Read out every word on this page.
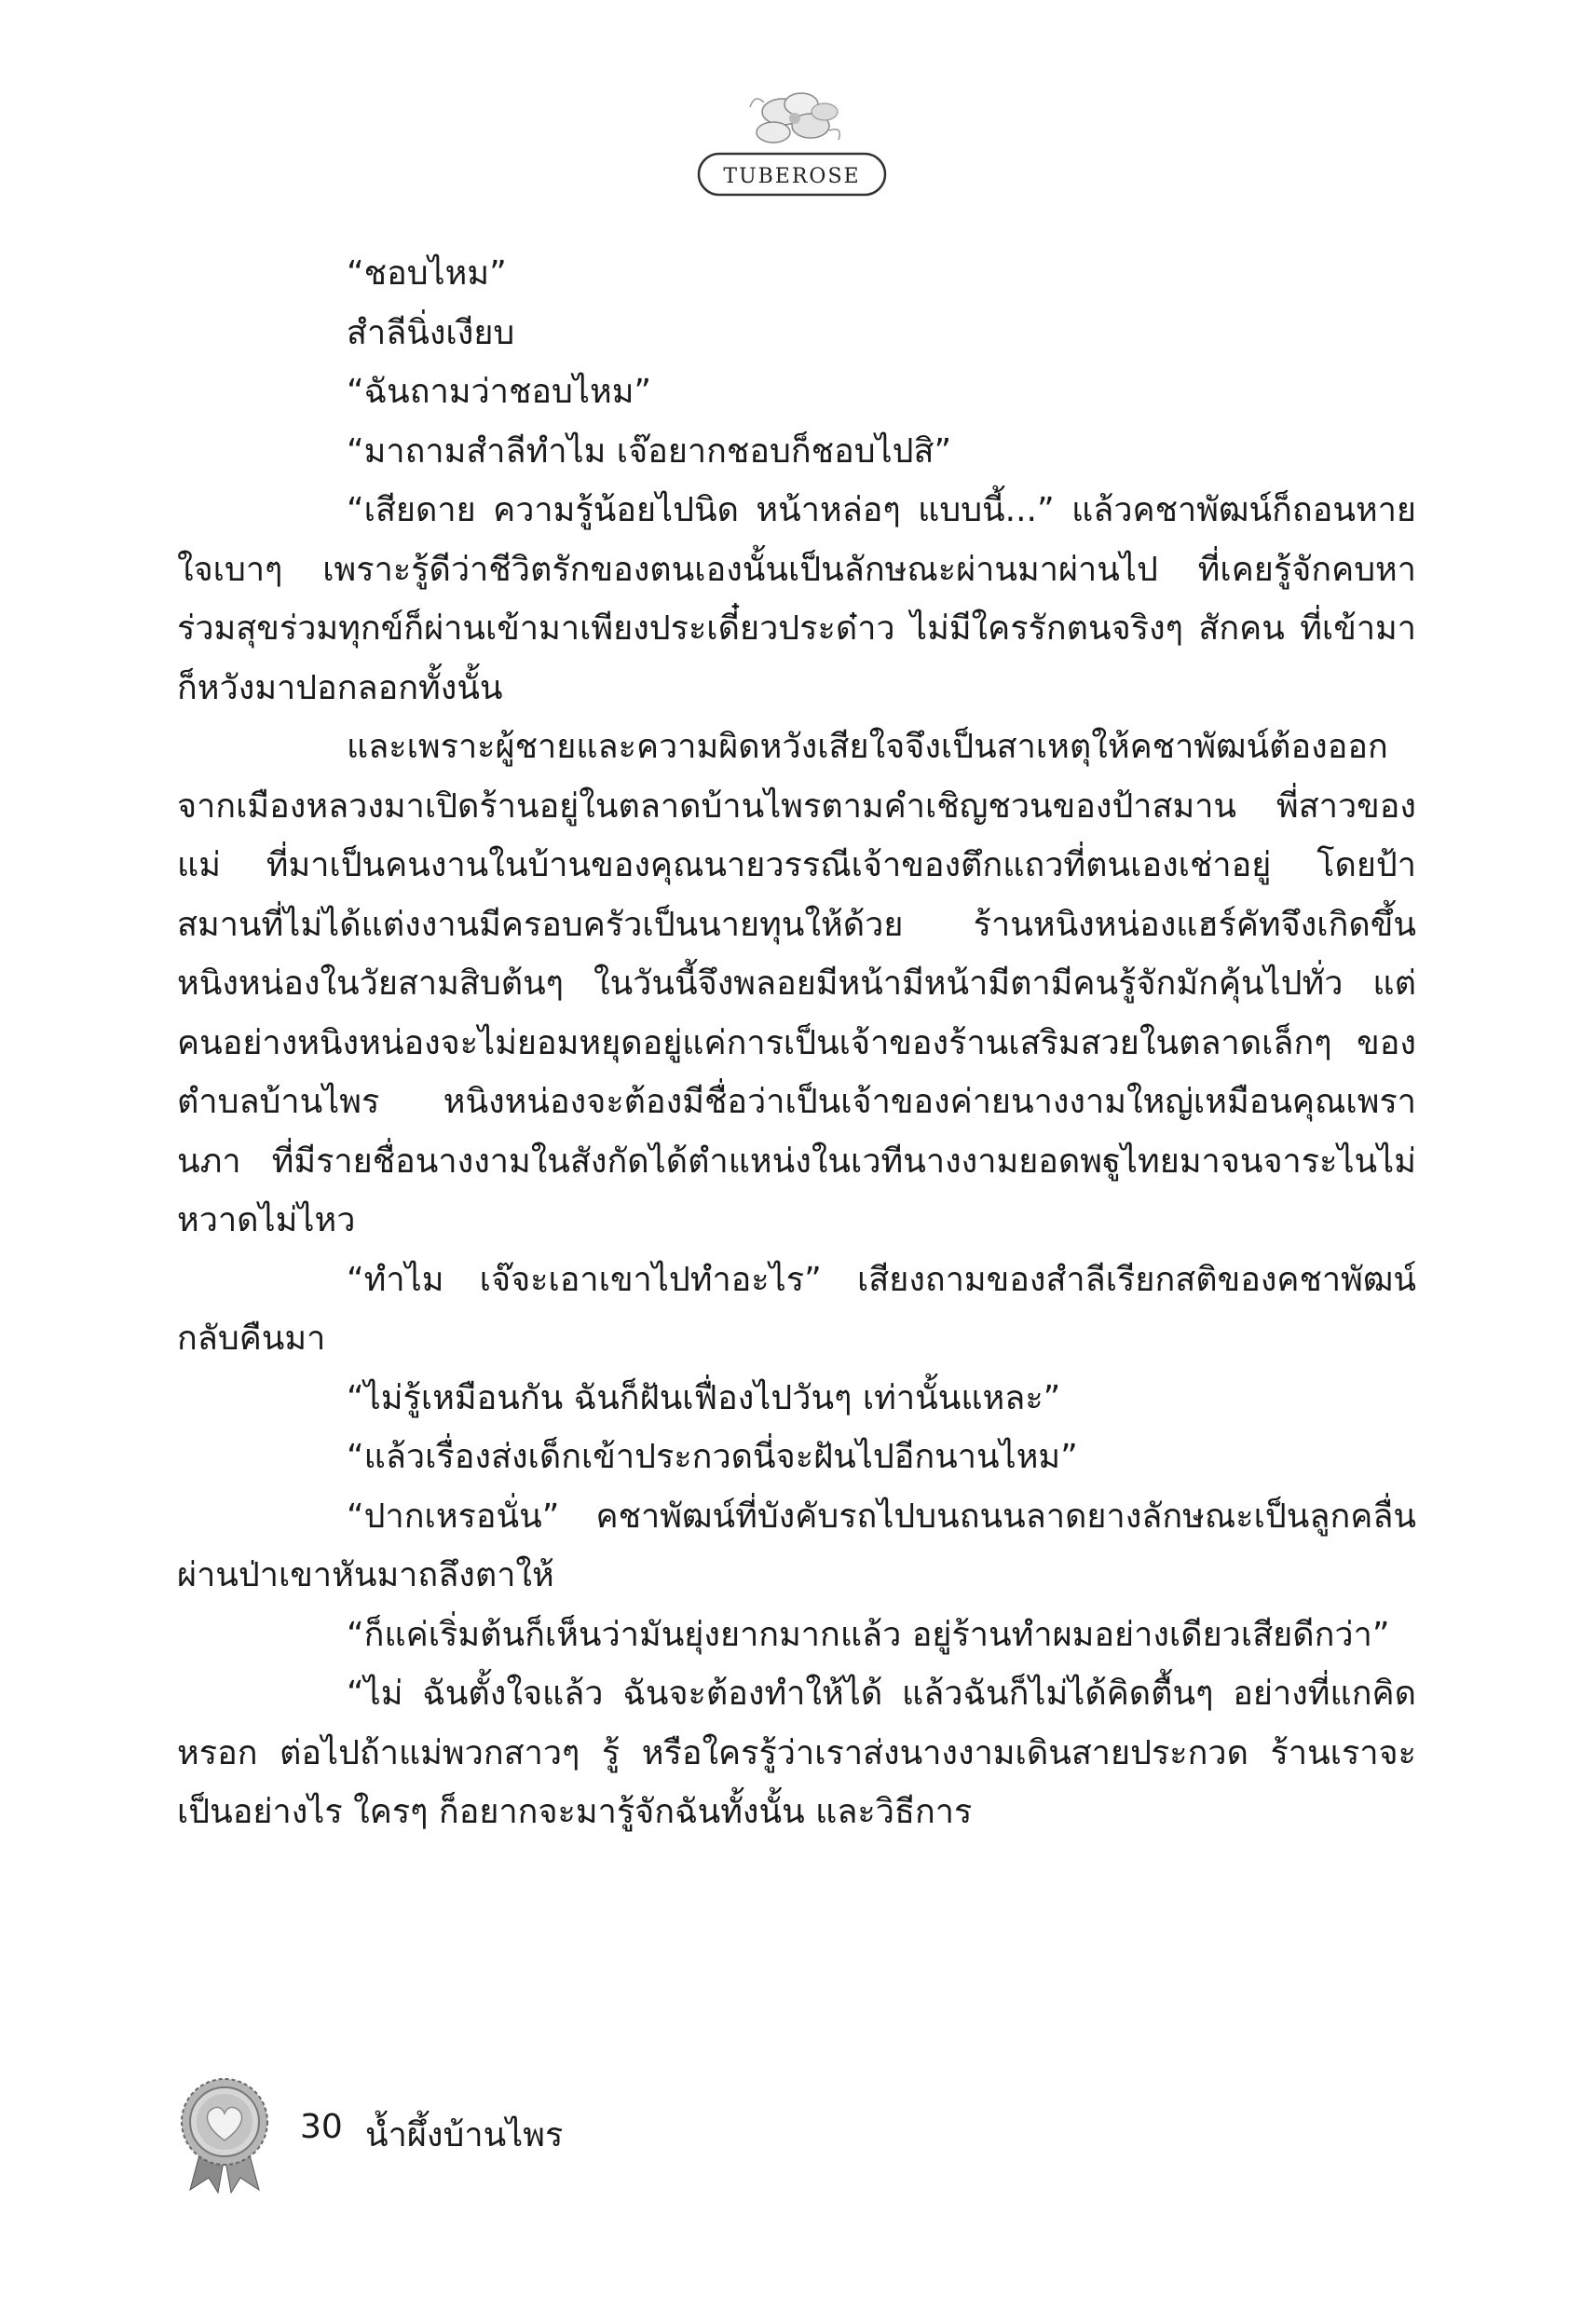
TUBEROSE

“ชอบไหม”

สำลีนิ่งเงียบ

“ฉันถามว่าชอบไหม”

“มาถามสำลีทำไม เจ๊อยากชอบก็ชอบไปสิ”

“เสียดาย ความรู้น้อยไปนิด หน้าหล่อๆ แบบนี้...” แล้วคชาพัฒน์ก็ถอนหายใจเบาๆ เพราะรู้ดีว่าชีวิตรักของตนเองนั้นเป็นลักษณะผ่านมาผ่านไป ที่เคยรู้จักคบหาร่วมสุขร่วมทุกข์ก็ผ่านเข้ามาเพียงประเดี๋ยวประด๋าว ไม่มีใครรักตนจริงๆ สักคน ที่เข้ามาก็หวังมาปอกลอกทั้งนั้น

และเพราะผู้ชายและความผิดหวังเสียใจจึงเป็นสาเหตุให้คชาพัฒน์ต้องออกจากเมืองหลวงมาเปิดร้านอยู่ในตลาดบ้านไพรตามคำเชิญชวนของป้าสมาน พี่สาวของแม่ ที่มาเป็นคนงานในบ้านของคุณนายวรรณีเจ้าของตึกแถวที่ตนเองเช่าอยู่ โดยป้าสมานที่ไม่ได้แต่งงานมีครอบครัวเป็นนายทุนให้ด้วย ร้านหนิงหน่องแฮร์คัทจึงเกิดขึ้น หนิงหน่องในวัยสามสิบต้นๆ ในวันนี้จึงพลอยมีหน้ามีหน้ามีตามีคนรู้จักมักคุ้นไปทั่ว แต่คนอย่างหนิงหน่องจะไม่ยอมหยุดอยู่แค่การเป็นเจ้าของร้านเสริมสวยในตลาดเล็กๆ ของตำบลบ้านไพร หนิงหน่องจะต้องมีชื่อว่าเป็นเจ้าของค่ายนางงามใหญ่เหมือนคุณเพรานภา ที่มีรายชื่อนางงามในสังกัดได้ตำแหน่งในเวทีนางงามยอดพฐูไทยมาจนจาระไนไม่หวาดไม่ไหว

“ทำไม เจ๊จะเอาเขาไปทำอะไร” เสียงถามของสำลีเรียกสติของคชาพัฒน์กลับคืนมา

“ไม่รู้เหมือนกัน ฉันก็ฝันเฟื่องไปวันๆ เท่านั้นแหละ”

“แล้วเรื่องส่งเด็กเข้าประกวดนี่จะฝันไปอีกนานไหม”

“ปากเหรอนั่น” คชาพัฒน์ที่บังคับรถไปบนถนนลาดยางลักษณะเป็นลูกคลื่นผ่านป่าเขาหันมาถลึงตาให้

“ก็แค่เริ่มต้นก็เห็นว่ามันยุ่งยากมากแล้ว อยู่ร้านทำผมอย่างเดียวเสียดีกว่า”

“ไม่ ฉันตั้งใจแล้ว ฉันจะต้องทำให้ได้ แล้วฉันก็ไม่ได้คิดตื้นๆ อย่างที่แกคิดหรอก ต่อไปถ้าแม่พวกสาวๆ รู้ หรือใครรู้ว่าเราส่งนางงามเดินสายประกวด ร้านเราจะเป็นอย่างไร ใครๆ ก็อยากจะมารู้จักฉันทั้งนั้น และวิธีการ

30 น้ำผึ้งบ้านไพร
